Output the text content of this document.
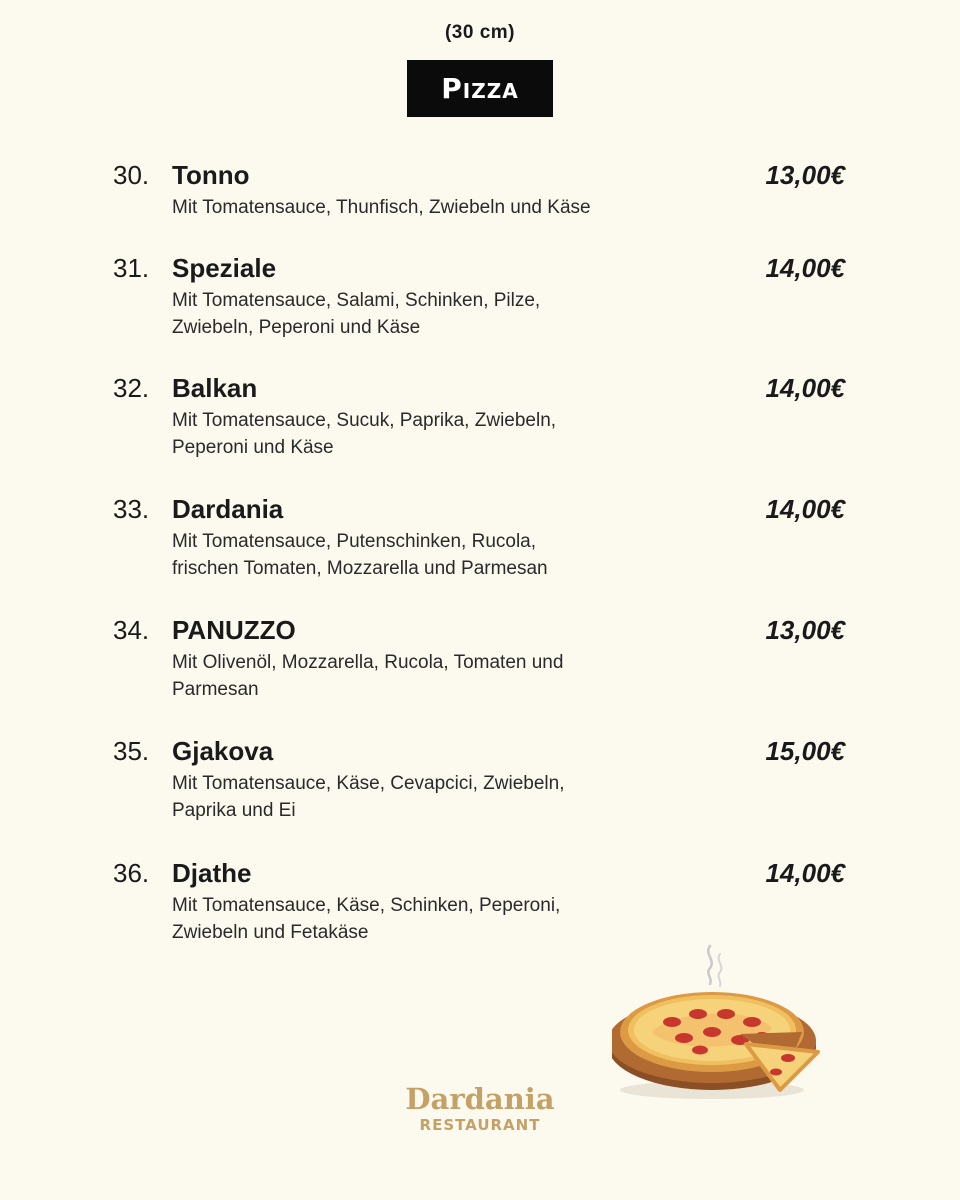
(30 cm)
Pizza
30. Tonno	13,00€
Mit Tomatensauce, Thunfisch, Zwiebeln und Käse
31. Speziale	14,00€
Mit Tomatensauce, Salami, Schinken, Pilze, Zwiebeln, Peperoni und Käse
32. Balkan	14,00€
Mit Tomatensauce, Sucuk, Paprika, Zwiebeln, Peperoni und Käse
33. Dardania	14,00€
Mit Tomatensauce, Putenschinken, Rucola, frischen Tomaten, Mozzarella und Parmesan
34. PANUZZO	13,00€
Mit Olivenöl, Mozzarella, Rucola, Tomaten und Parmesan
35. Gjakova	15,00€
Mit Tomatensauce, Käse, Cevapcici, Zwiebeln, Paprika und Ei
36. Djathe	14,00€
Mit Tomatensauce, Käse, Schinken, Peperoni, Zwiebeln und Fetakäse
Dardania
RESTAURANT
